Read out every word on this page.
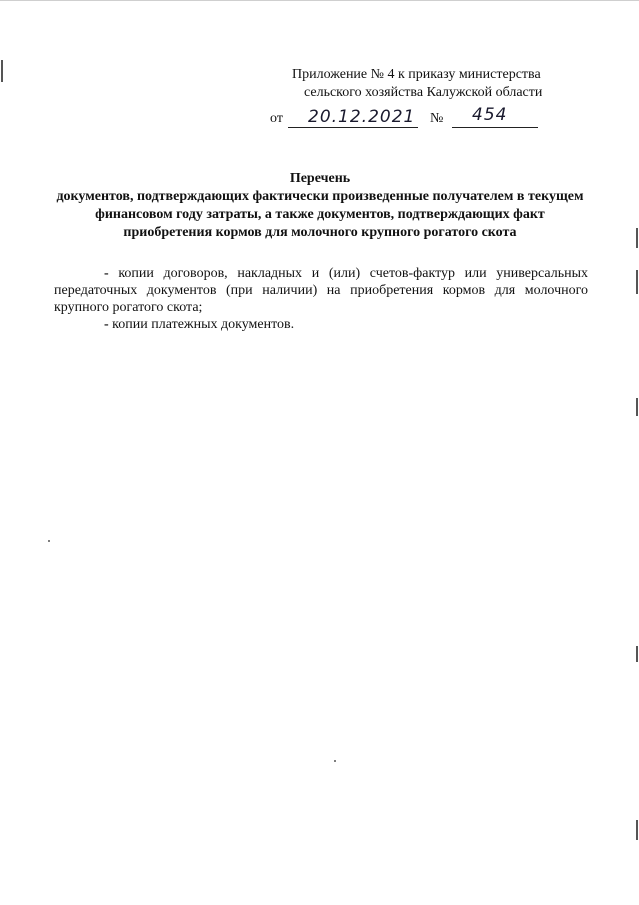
Приложение № 4 к приказу министерства
сельского хозяйства Калужской области
от 20.12.2021 № 454
Перечень
документов, подтверждающих фактически произведенные получателем в текущем
финансовом году затраты, а также документов, подтверждающих факт
приобретения кормов для молочного крупного рогатого скота

- копии договоров, накладных и (или) счетов-фактур или универсальных передаточных документов (при наличии) на приобретения кормов для молочного крупного рогатого скота;

- копии платежных документов.
